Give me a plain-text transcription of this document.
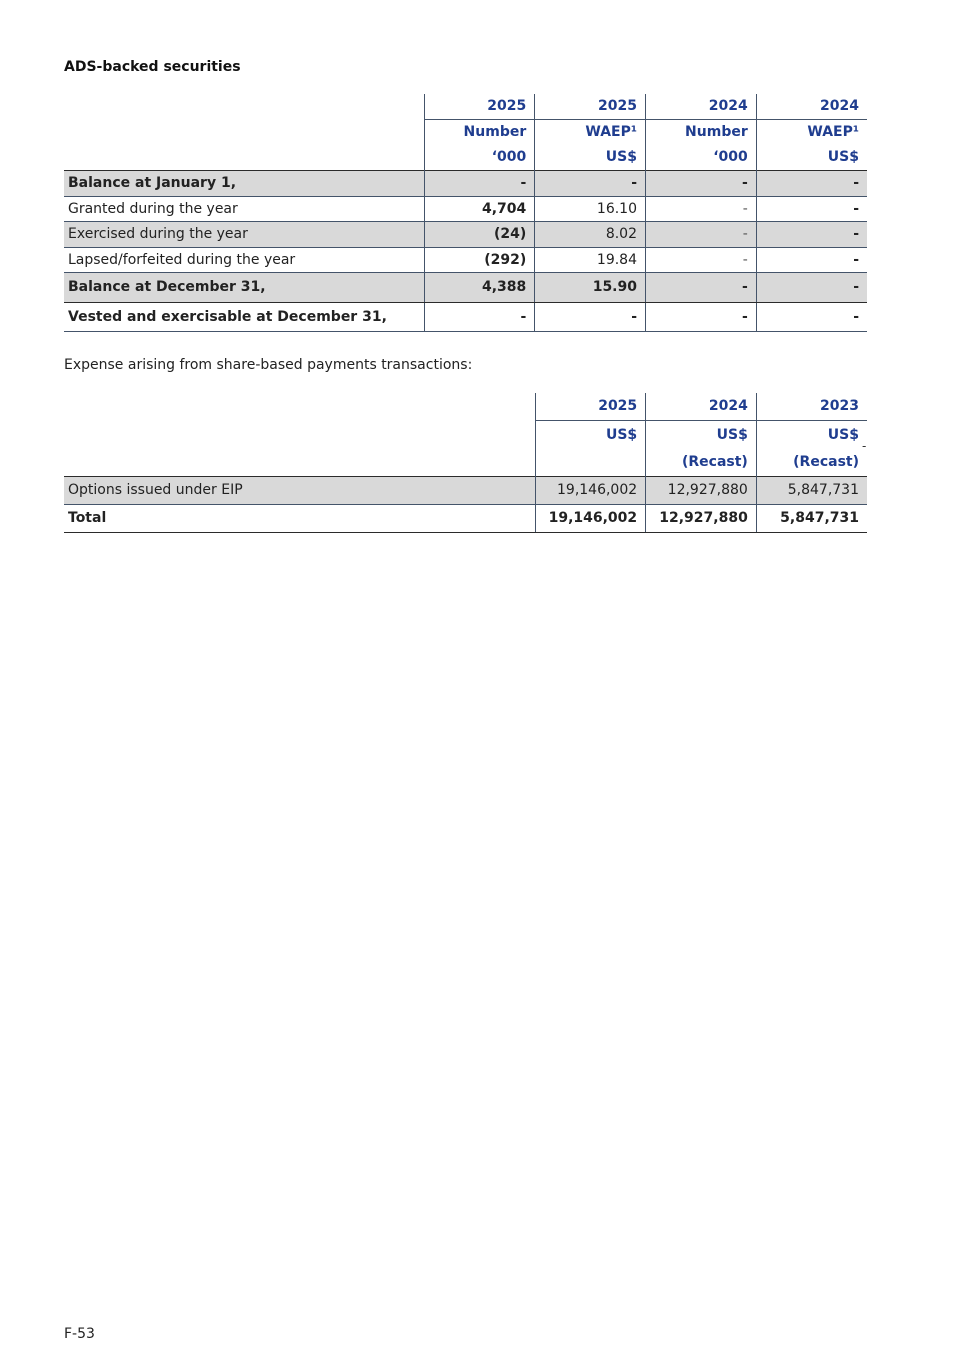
ADS-backed securities
	2025	2025	2024	2024
	Number	WAEP¹	Number	WAEP¹
	‘000	US$	‘000	US$
Balance at January 1,	-	-	-	-
Granted during the year	4,704	16.10	-	-
Exercised during the year	(24)	8.02	-	-
Lapsed/forfeited during the year	(292)	19.84	-	-
Balance at December 31,	4,388	15.90	-	-
Vested and exercisable at December 31,	-	-	-	-
Expense arising from share-based payments transactions:
	2025	2024	2023
	US$	US$	US$
		(Recast)	(Recast)
Options issued under EIP	19,146,002	12,927,880	5,847,731
Total	19,146,002	12,927,880	5,847,731
-
F-53
